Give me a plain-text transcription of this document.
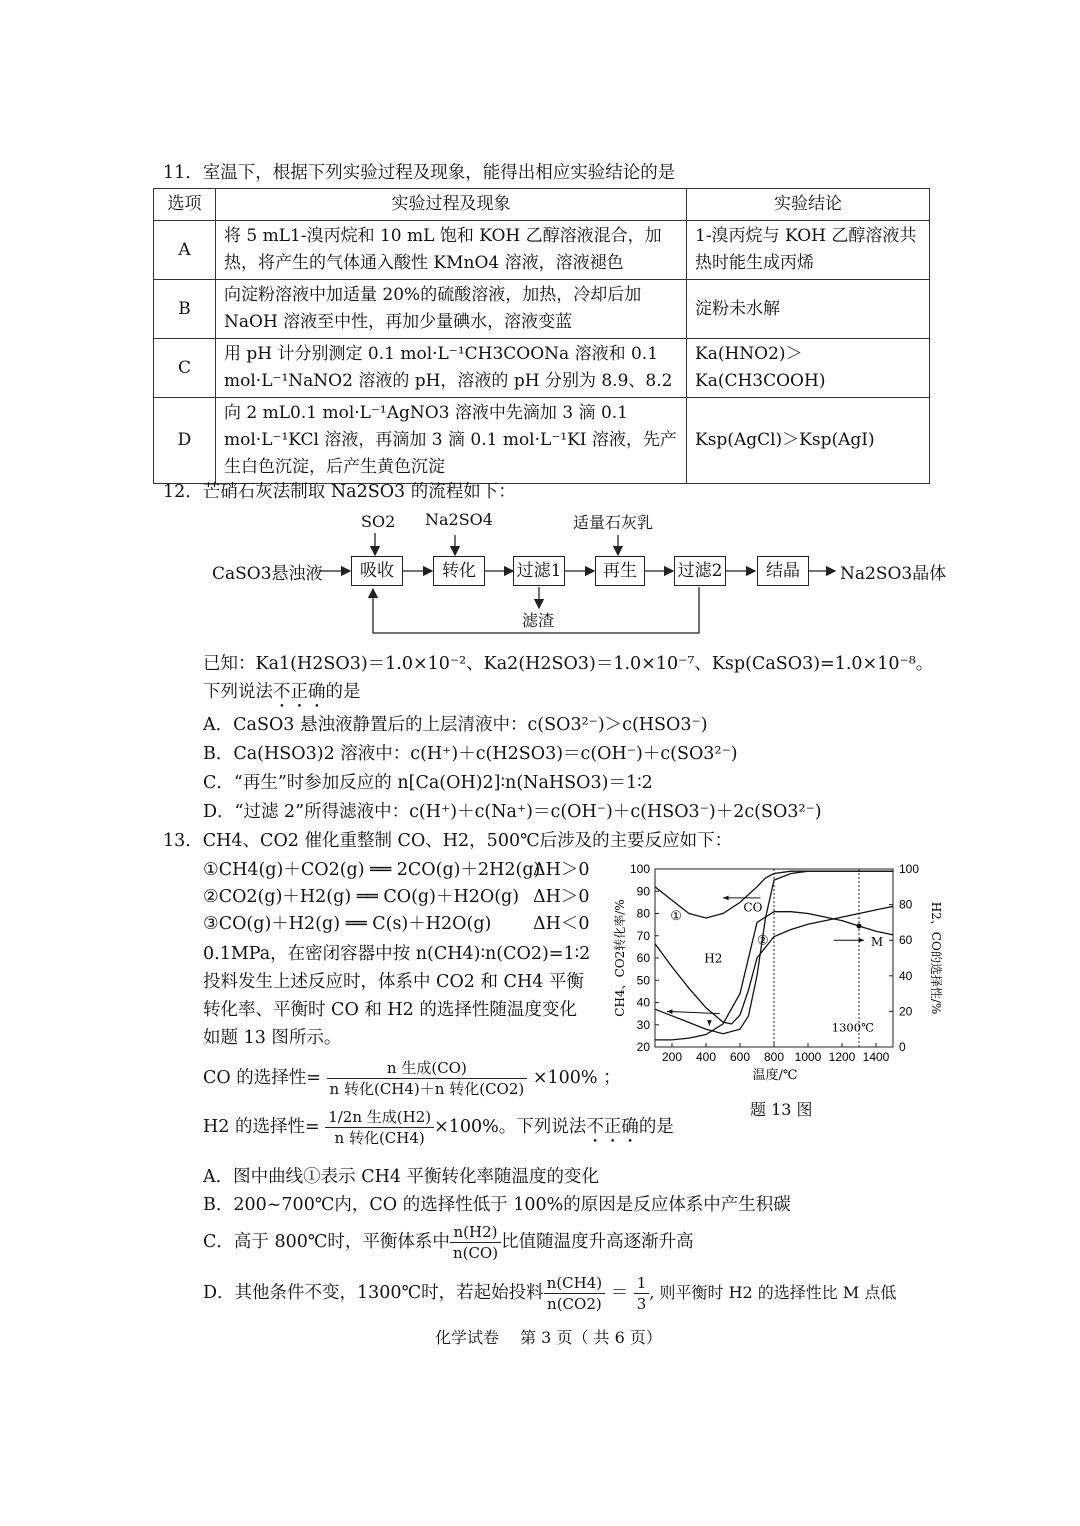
11．室温下，根据下列实验过程及现象，能得出相应实验结论的是
选项	实验过程及现象	实验结论
A	将 5 mL1-溴丙烷和 10 mL 饱和 KOH 乙醇溶液混合，加热，将产生的气体通入酸性 KMnO4 溶液，溶液褪色	1-溴丙烷与 KOH 乙醇溶液共热时能生成丙烯
B	向淀粉溶液中加适量 20%的硫酸溶液，加热，冷却后加 NaOH 溶液至中性，再加少量碘水，溶液变蓝	淀粉未水解
C	用 pH 计分别测定 0.1 mol·L⁻¹CH3COONa 溶液和 0.1 mol·L⁻¹NaNO2 溶液的 pH，溶液的 pH 分别为 8.9、8.2	Ka(HNO2)＞Ka(CH3COOH)
D	向 2 mL0.1 mol·L⁻¹AgNO3 溶液中先滴加 3 滴 0.1 mol·L⁻¹KCl 溶液，再滴加 3 滴 0.1 mol·L⁻¹KI 溶液，先产生白色沉淀，后产生黄色沉淀	Ksp(AgCl)＞Ksp(AgI)
12．芒硝石灰法制取 Na2SO3 的流程如下：
CaSO3悬浊液	吸收	转化	过滤1	再生	过滤2	结晶	Na2SO3晶体
SO2 Na2SO4	适量石灰乳
滤渣
已知：Ka1(H2SO3)＝1.0×10⁻²、Ka2(H2SO3)＝1.0×10⁻⁷、Ksp(CaSO3)=1.0×10⁻⁸。
下列说法不正确的是
A．CaSO3 悬浊液静置后的上层清液中：c(SO3²⁻)＞c(HSO3⁻)
B．Ca(HSO3)2 溶液中：c(H⁺)＋c(H2SO3)＝c(OH⁻)＋c(SO3²⁻)
C．“再生”时参加反应的 n[Ca(OH)2]∶n(NaHSO3)＝1∶2
D．“过滤 2”所得滤液中：c(H⁺)＋c(Na⁺)＝c(OH⁻)＋c(HSO3⁻)＋2c(SO3²⁻)
13．CH4、CO2 催化重整制 CO、H2，500℃后涉及的主要反应如下：
①CH4(g)＋CO2(g) ══ 2CO(g)＋2H2(g)
ΔH＞0
②CO2(g)＋H2(g) ══ CO(g)＋H2O(g) ΔH＞0
③CO(g)＋H2(g) ══ C(s)＋H2O(g) ΔH＜0
0.1MPa，在密闭容器中按 n(CH4)∶n(CO2)=1∶2
投料发生上述反应时，体系中 CO2 和 CH4 平衡
转化率、平衡时 CO 和 H2 的选择性随温度变化
如题 13 图所示。
CO 的选择性= $\frac{\text{n 生成(CO)}}{\text{n 转化(CH4)＋n 转化(CO2)}} \times 100\%$ ；
H2 的选择性= $\frac{\text{1/2n 生成(H2)}}{\text{n 转化(CH4)}} \times 100\%$。下列说法不正确的是
A．图中曲线①表示 CH4 平衡转化率随温度的变化
B．200~700℃内，CO 的选择性低于 100%的原因是反应体系中产生积碳
C．高于 800℃时，平衡体系中 $\frac{n(H2)}{n(CO)}$ 比值随温度升高逐渐升高
D．其他条件不变，1300℃时，若起始投料 $\frac{n(CH4)}{n(CO2)} = \frac{1}{3}$ , 则平衡时 H2 的选择性比 M 点低
200 400 600 800 1000 1200 1400
20
30
40
50
60
70
80
90
100
0
20
40
60
80
100
M
①
②
CO
H2
1300℃
温度/℃
CH4、CO2转化率/%	H2、CO的选择性/%
题 13 图
化学试卷　 第 3 页（ 共 6 页）
